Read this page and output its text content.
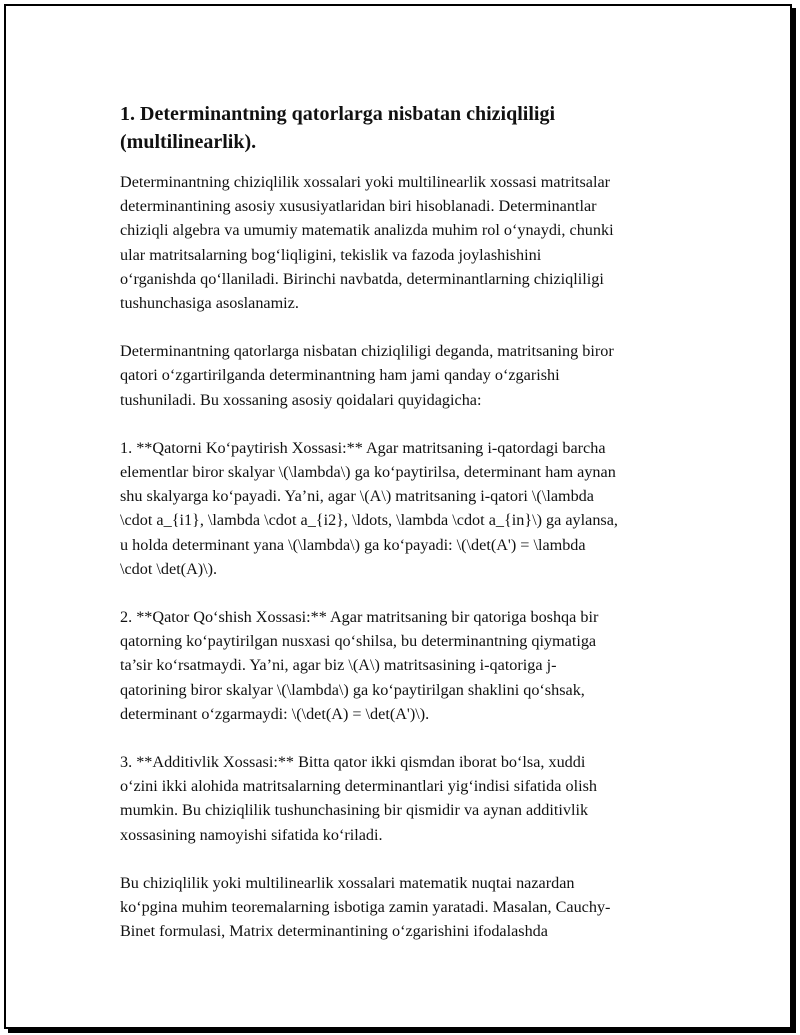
1. Determinantning qatorlarga nisbatan chiziqliligi
(multilinearlik).

Determinantning chiziqlilik xossalari yoki multilinearlik xossasi matritsalar
determinantining asosiy xususiyatlaridan biri hisoblanadi. Determinantlar
chiziqli algebra va umumiy matematik analizda muhim rol o‘ynaydi, chunki
ular matritsalarning bog‘liqligini, tekislik va fazoda joylashishini
o‘rganishda qo‘llaniladi. Birinchi navbatda, determinantlarning chiziqliligi
tushunchasiga asoslanamiz.

Determinantning qatorlarga nisbatan chiziqliligi deganda, matritsaning biror
qatori o‘zgartirilganda determinantning ham jami qanday o‘zgarishi
tushuniladi. Bu xossaning asosiy qoidalari quyidagicha:

1. **Qatorni Ko‘paytirish Xossasi:** Agar matritsaning i-qatordagi barcha
elementlar biror skalyar \(\lambda\) ga ko‘paytirilsa, determinant ham aynan
shu skalyarga ko‘payadi. Ya’ni, agar \(A\) matritsaning i-qatori \(\lambda
\cdot a_{i1}, \lambda \cdot a_{i2}, \ldots, \lambda \cdot a_{in}\) ga aylansa,
u holda determinant yana \(\lambda\) ga ko‘payadi: \(\det(A') = \lambda
\cdot \det(A)\).

2. **Qator Qo‘shish Xossasi:** Agar matritsaning bir qatoriga boshqa bir
qatorning ko‘paytirilgan nusxasi qo‘shilsa, bu determinantning qiymatiga
ta’sir ko‘rsatmaydi. Ya’ni, agar biz \(A\) matritsasining i-qatoriga j-
qatorining biror skalyar \(\lambda\) ga ko‘paytirilgan shaklini qo‘shsak,
determinant o‘zgarmaydi: \(\det(A) = \det(A')\).

3. **Additivlik Xossasi:** Bitta qator ikki qismdan iborat bo‘lsa, xuddi
o‘zini ikki alohida matritsalarning determinantlari yig‘indisi sifatida olish
mumkin. Bu chiziqlilik tushunchasining bir qismidir va aynan additivlik
xossasining namoyishi sifatida ko‘riladi.

Bu chiziqlilik yoki multilinearlik xossalari matematik nuqtai nazardan
ko‘pgina muhim teoremalarning isbotiga zamin yaratadi. Masalan, Cauchy-
Binet formulasi, Matrix determinantining o‘zgarishini ifodalashda
